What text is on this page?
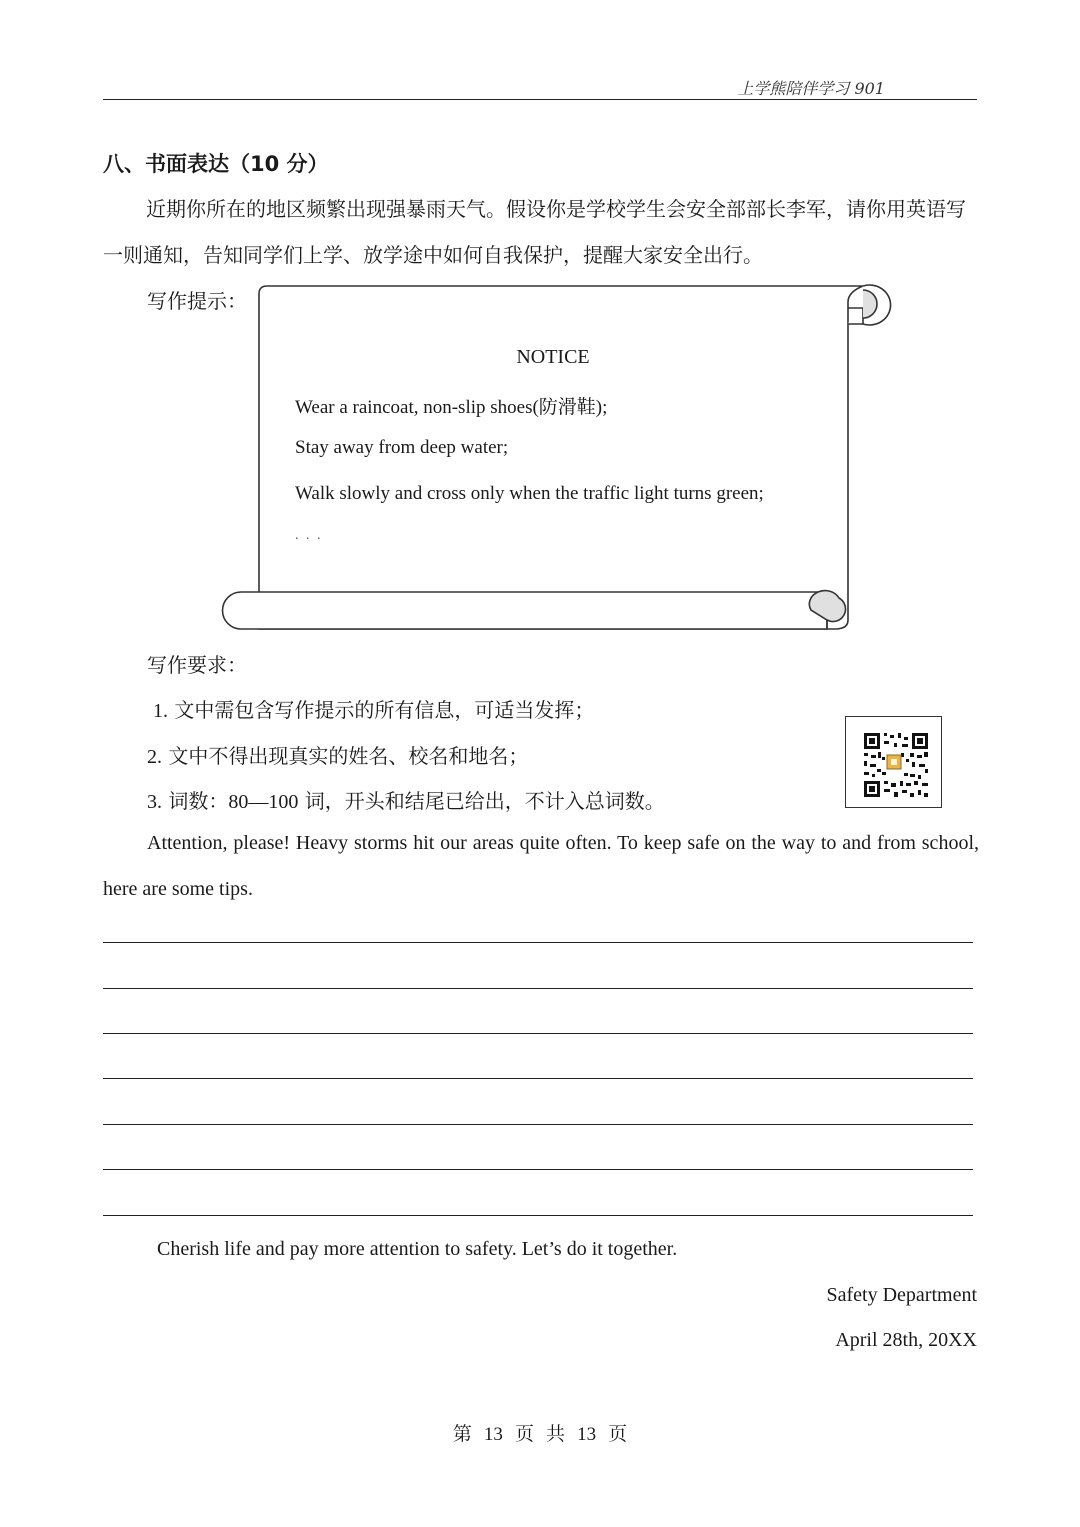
上学熊陪伴学习 901
八、书面表达（10 分）
近期你所在的地区频繁出现强暴雨天气。假设你是学校学生会安全部部长李军，请你用英语写一则通知，告知同学们上学、放学途中如何自我保护，提醒大家安全出行。
写作提示：
NOTICE
Wear a raincoat, non-slip shoes(防滑鞋);
Stay away from deep water;
Walk slowly and cross only when the traffic light turns green;
. . .
写作要求：
1. 文中需包含写作提示的所有信息，可适当发挥；
2. 文中不得出现真实的姓名、校名和地名；
3. 词数：80—100 词，开头和结尾已给出，不计入总词数。
Attention, please! Heavy storms hit our areas quite often. To keep safe on the way to and from school, here are some tips.
Cherish life and pay more attention to safety. Let’s do it together.
Safety Department
April 28th, 20XX
第 13 页 共 13 页
